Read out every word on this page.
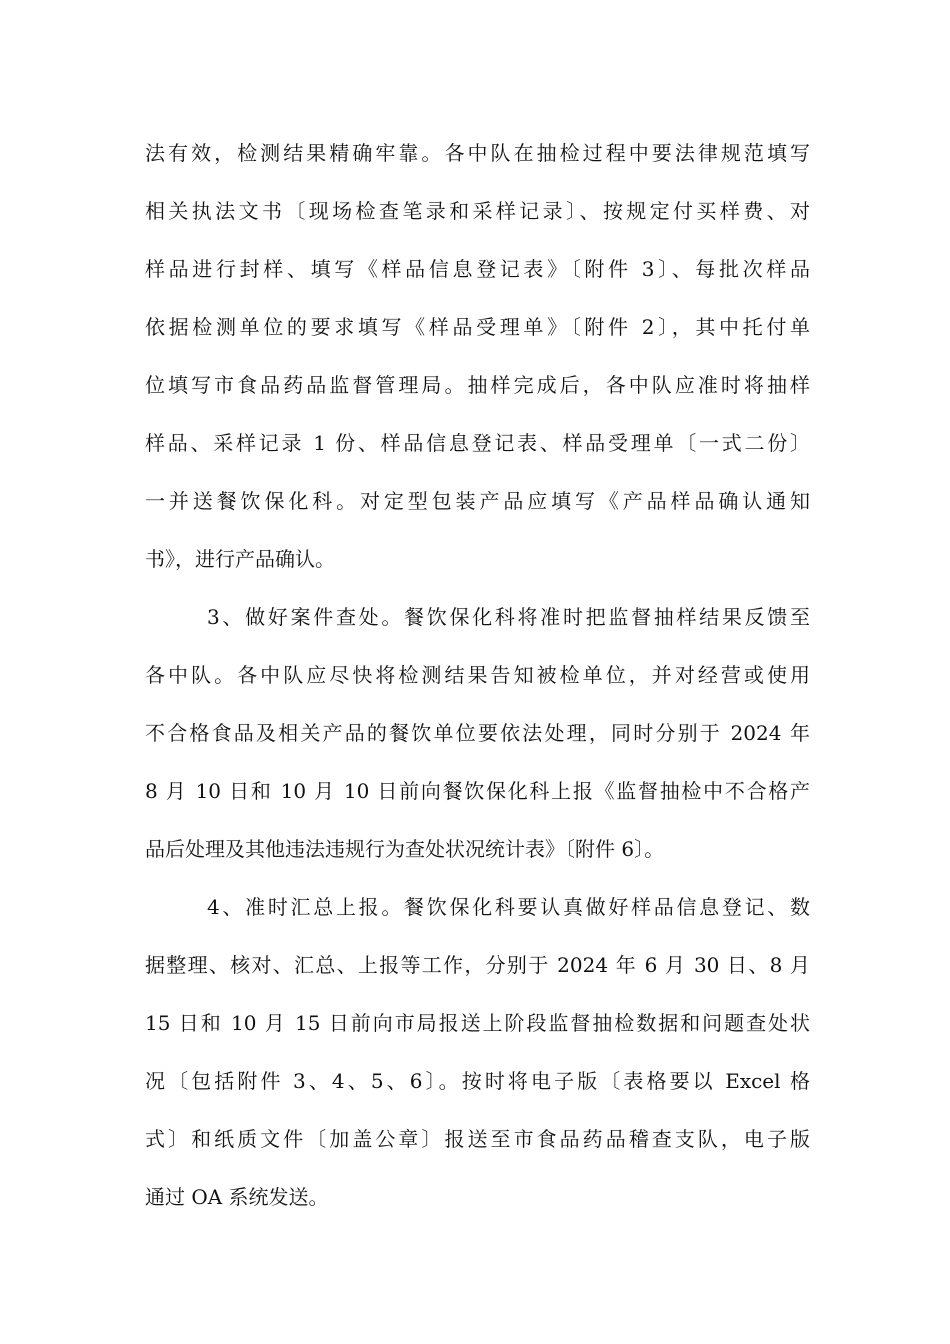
法有效，检测结果精确牢靠。各中队在抽检过程中要法律规范填写
相关执法文书〔现场检查笔录和采样记录〕、按规定付买样费、对
样品进行封样、填写《样品信息登记表》〔附件 3〕、每批次样品
依据检测单位的要求填写《样品受理单》〔附件 2〕，其中托付单
位填写市食品药品监督管理局。抽样完成后，各中队应准时将抽样
样品、采样记录 1 份、样品信息登记表、样品受理单〔一式二份〕
一并送餐饮保化科。对定型包装产品应填写《产品样品确认通知
书》，进行产品确认。
3、做好案件查处。餐饮保化科将准时把监督抽样结果反馈至
各中队。各中队应尽快将检测结果告知被检单位，并对经营或使用
不合格食品及相关产品的餐饮单位要依法处理，同时分别于 2024 年
8 月 10 日和 10 月 10 日前向餐饮保化科上报《监督抽检中不合格产
品后处理及其他违法违规行为查处状况统计表》〔附件 6〕。
4、准时汇总上报。餐饮保化科要认真做好样品信息登记、数
据整理、核对、汇总、上报等工作，分别于 2024 年 6 月 30 日、8 月
15 日和 10 月 15 日前向市局报送上阶段监督抽检数据和问题查处状
况〔包括附件 3、4、5、6〕。按时将电子版〔表格要以 Excel 格
式〕和纸质文件〔加盖公章〕报送至市食品药品稽查支队，电子版
通过 OA 系统发送。
